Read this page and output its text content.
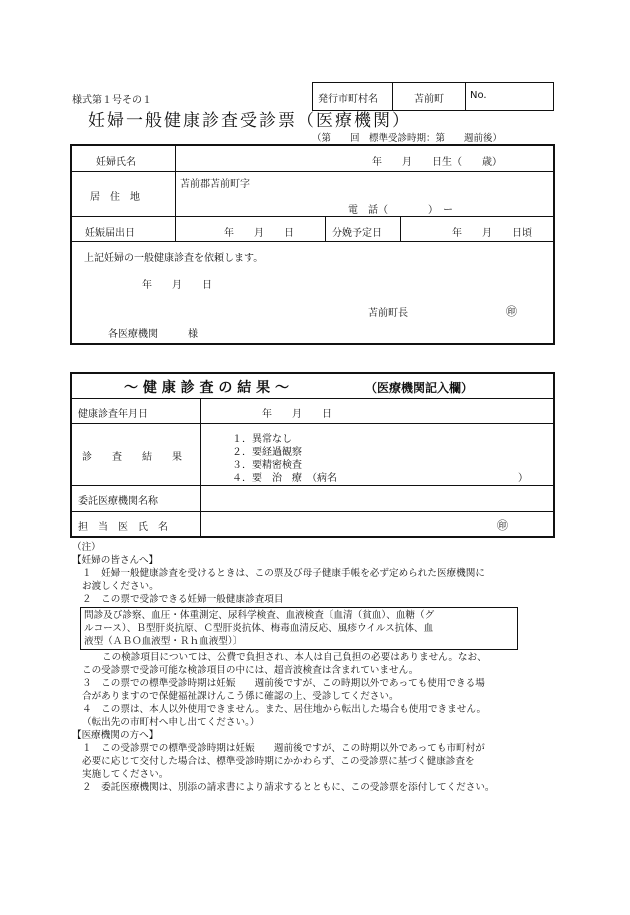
様式第１号その１	発行市町村名	苫前町	No.
妊婦一般健康診査受診票（医療機関）
（第　　回　標準受診時期：第　　週前後）
妊婦氏名	年　　月　　日生（　　歳）
居　住　地
苫前郡苫前町字
電　話（　　　　）　ー
妊娠届出日	年　　月　　日	分娩予定日	年　　月　　日頃
上記妊婦の一般健康診査を依頼します。
年　　月　　日
苫前町長	㊞
各医療機関　　　様
～ 健 康 診 査 の 結 果 ～	（医療機関記入欄）
健康診査年月日	年　　月　　日
診　　査　　結　　果
１．異常なし
２．要経過観察
３．要精密検査
４．要　治　療　（病名	）
委託医療機関名称
担　当　医　氏　名	㊞
（注）
【妊婦の皆さんへ】
１　妊婦一般健康診査を受けるときは、この票及び母子健康手帳を必ず定められた医療機関に
お渡しください。
２　この票で受診できる妊婦一般健康診査項目
問診及び診察、血圧・体重測定、尿科学検査、血液検査〔血清（貧血）、血糖（グ
ルコース）、Ｂ型肝炎抗原、Ｃ型肝炎抗体、梅毒血清反応、風疹ウイルス抗体、血
液型（ＡＢＯ血液型・Ｒｈ血液型）〕
この検診項目については、公費で負担され、本人は自己負担の必要はありません。なお、
この受診票で受診可能な検診項目の中には、超音波検査は含まれていません。
３　この票での標準受診時期は妊娠　　週前後ですが、この時期以外であっても使用できる場
合がありますので保健福祉課けんこう係に確認の上、受診してください。
４　この票は、本人以外使用できません。また、居住地から転出した場合も使用できません。
（転出先の市町村へ申し出てください。）
【医療機関の方へ】
１　この受診票での標準受診時期は妊娠　　週前後ですが、この時期以外であっても市町村が
必要に応じて交付した場合は、標準受診時期にかかわらず、この受診票に基づく健康診査を
実施してください。
２　委託医療機関は、別添の請求書により請求するとともに、この受診票を添付してください。
